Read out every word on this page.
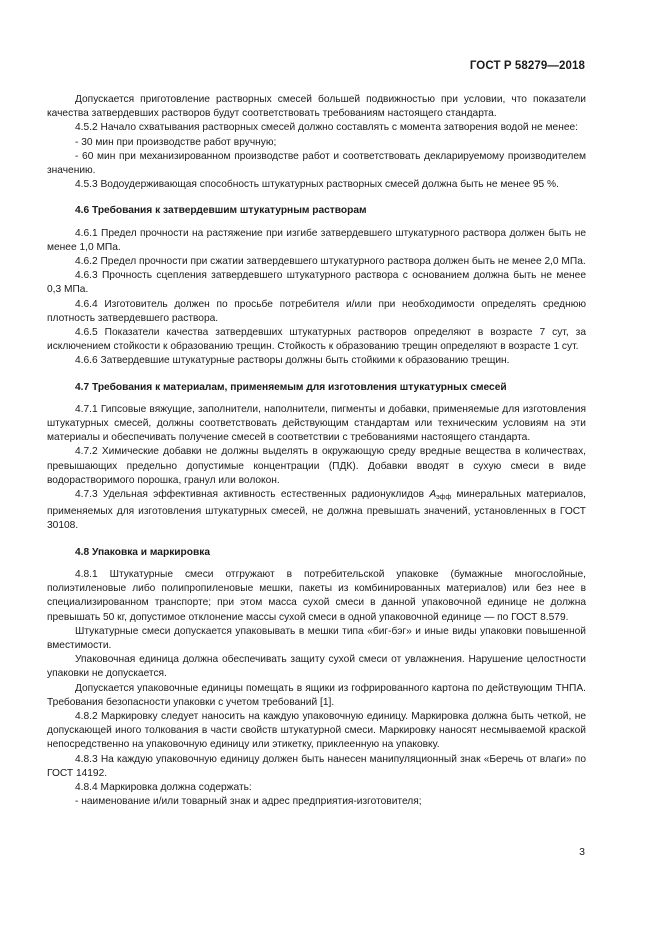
ГОСТ Р 58279—2018

Допускается приготовление растворных смесей большей подвижностью при условии, что показатели качества затвердевших растворов будут соответствовать требованиям настоящего стандарта.

4.5.2 Начало схватывания растворных смесей должно составлять с момента затворения водой не менее:

- 30 мин при производстве работ вручную;

- 60 мин при механизированном производстве работ и соответствовать декларируемому производителем значению.

4.5.3 Водоудерживающая способность штукатурных растворных смесей должна быть не менее 95 %.

4.6 Требования к затвердевшим штукатурным растворам

4.6.1 Предел прочности на растяжение при изгибе затвердевшего штукатурного раствора должен быть не менее 1,0 МПа.

4.6.2 Предел прочности при сжатии затвердевшего штукатурного раствора должен быть не менее 2,0 МПа.

4.6.3 Прочность сцепления затвердевшего штукатурного раствора с основанием должна быть не менее 0,3 МПа.

4.6.4 Изготовитель должен по просьбе потребителя и/или при необходимости определять среднюю плотность затвердевшего раствора.

4.6.5 Показатели качества затвердевших штукатурных растворов определяют в возрасте 7 сут, за исключением стойкости к образованию трещин. Стойкость к образованию трещин определяют в возрасте 1 сут.

4.6.6 Затвердевшие штукатурные растворы должны быть стойкими к образованию трещин.

4.7 Требования к материалам, применяемым для изготовления штукатурных смесей

4.7.1 Гипсовые вяжущие, заполнители, наполнители, пигменты и добавки, применяемые для изготовления штукатурных смесей, должны соответствовать действующим стандартам или техническим условиям на эти материалы и обеспечивать получение смесей в соответствии с требованиями настоящего стандарта.

4.7.2 Химические добавки не должны выделять в окружающую среду вредные вещества в количествах, превышающих предельно допустимые концентрации (ПДК). Добавки вводят в сухую смеси в виде водорастворимого порошка, гранул или волокон.

4.7.3 Удельная эффективная активность естественных радионуклидов $A_{эфф}$ минеральных материалов, применяемых для изготовления штукатурных смесей, не должна превышать значений, установленных в ГОСТ 30108.

4.8 Упаковка и маркировка

4.8.1 Штукатурные смеси отгружают в потребительской упаковке (бумажные многослойные, полиэтиленовые либо полипропиленовые мешки, пакеты из комбинированных материалов) или без нее в специализированном транспорте; при этом масса сухой смеси в данной упаковочной единице не должна превышать 50 кг, допустимое отклонение массы сухой смеси в одной упаковочной единице — по ГОСТ 8.579.

Штукатурные смеси допускается упаковывать в мешки типа «биг-бэг» и иные виды упаковки повышенной вместимости.

Упаковочная единица должна обеспечивать защиту сухой смеси от увлажнения. Нарушение целостности упаковки не допускается.

Допускается упаковочные единицы помещать в ящики из гофрированного картона по действующим ТНПА. Требования безопасности упаковки с учетом требований [1].

4.8.2 Маркировку следует наносить на каждую упаковочную единицу. Маркировка должна быть четкой, не допускающей иного толкования в части свойств штукатурной смеси. Маркировку наносят несмываемой краской непосредственно на упаковочную единицу или этикетку, приклеенную на упаковку.

4.8.3 На каждую упаковочную единицу должен быть нанесен манипуляционный знак «Беречь от влаги» по ГОСТ 14192.

4.8.4 Маркировка должна содержать:

- наименование и/или товарный знак и адрес предприятия-изготовителя;

3
